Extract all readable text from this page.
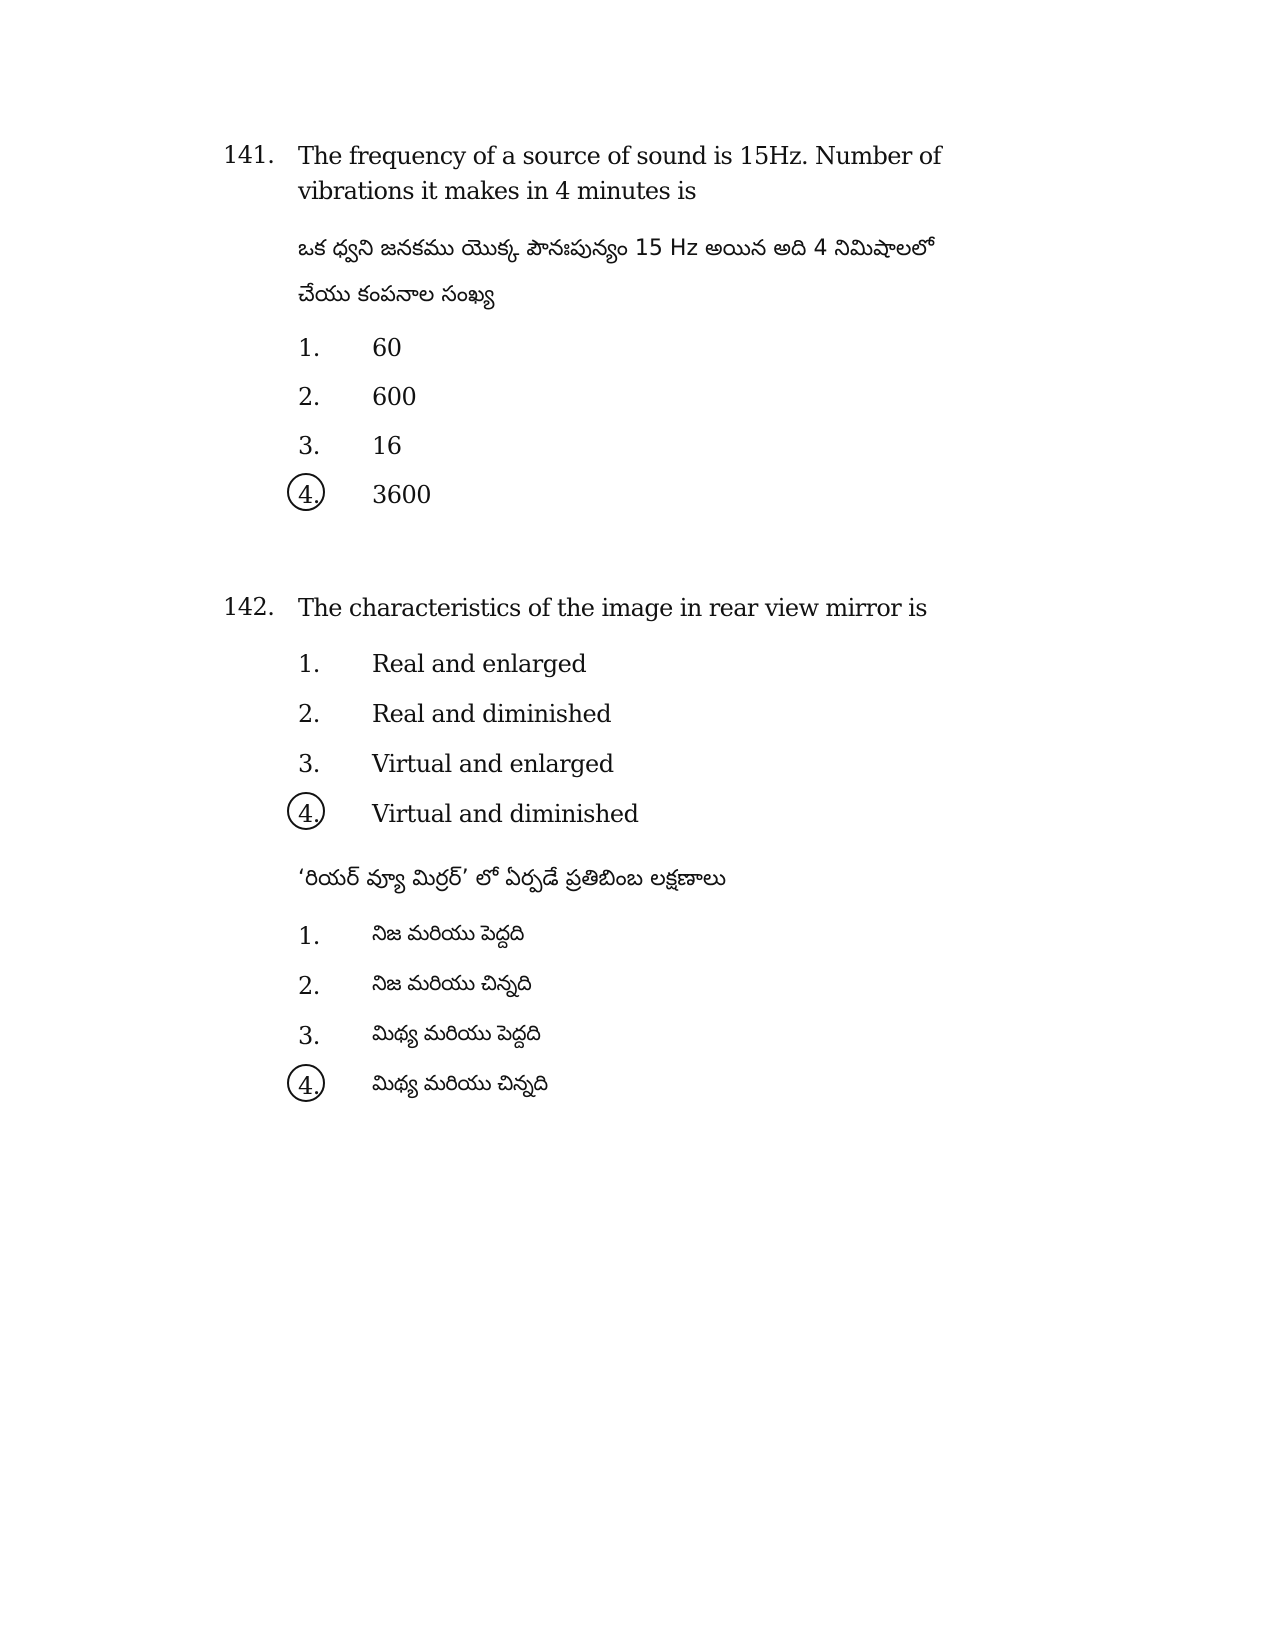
141. The frequency of a source of sound is 15Hz. Number of vibrations it makes in 4 minutes is
ఒక ధ్వని జనకము యొక్క పౌనఃపున్యం 15 Hz అయిన అది 4 నిమిషాలలో
చేయు కంపనాల సంఖ్య
1.	60
2.	600
3.	16
4.	3600
142. The characteristics of the image in rear view mirror is
1.	Real and enlarged
2.	Real and diminished
3.	Virtual and enlarged
4.	Virtual and diminished
‘రియర్ వ్యూ మిర్రర్’ లో ఏర్పడే ప్రతిబింబ లక్షణాలు
1.	నిజ మరియు పెద్దది
2.	నిజ మరియు చిన్నది
3.	మిథ్య మరియు పెద్దది
4.	మిథ్య మరియు చిన్నది
